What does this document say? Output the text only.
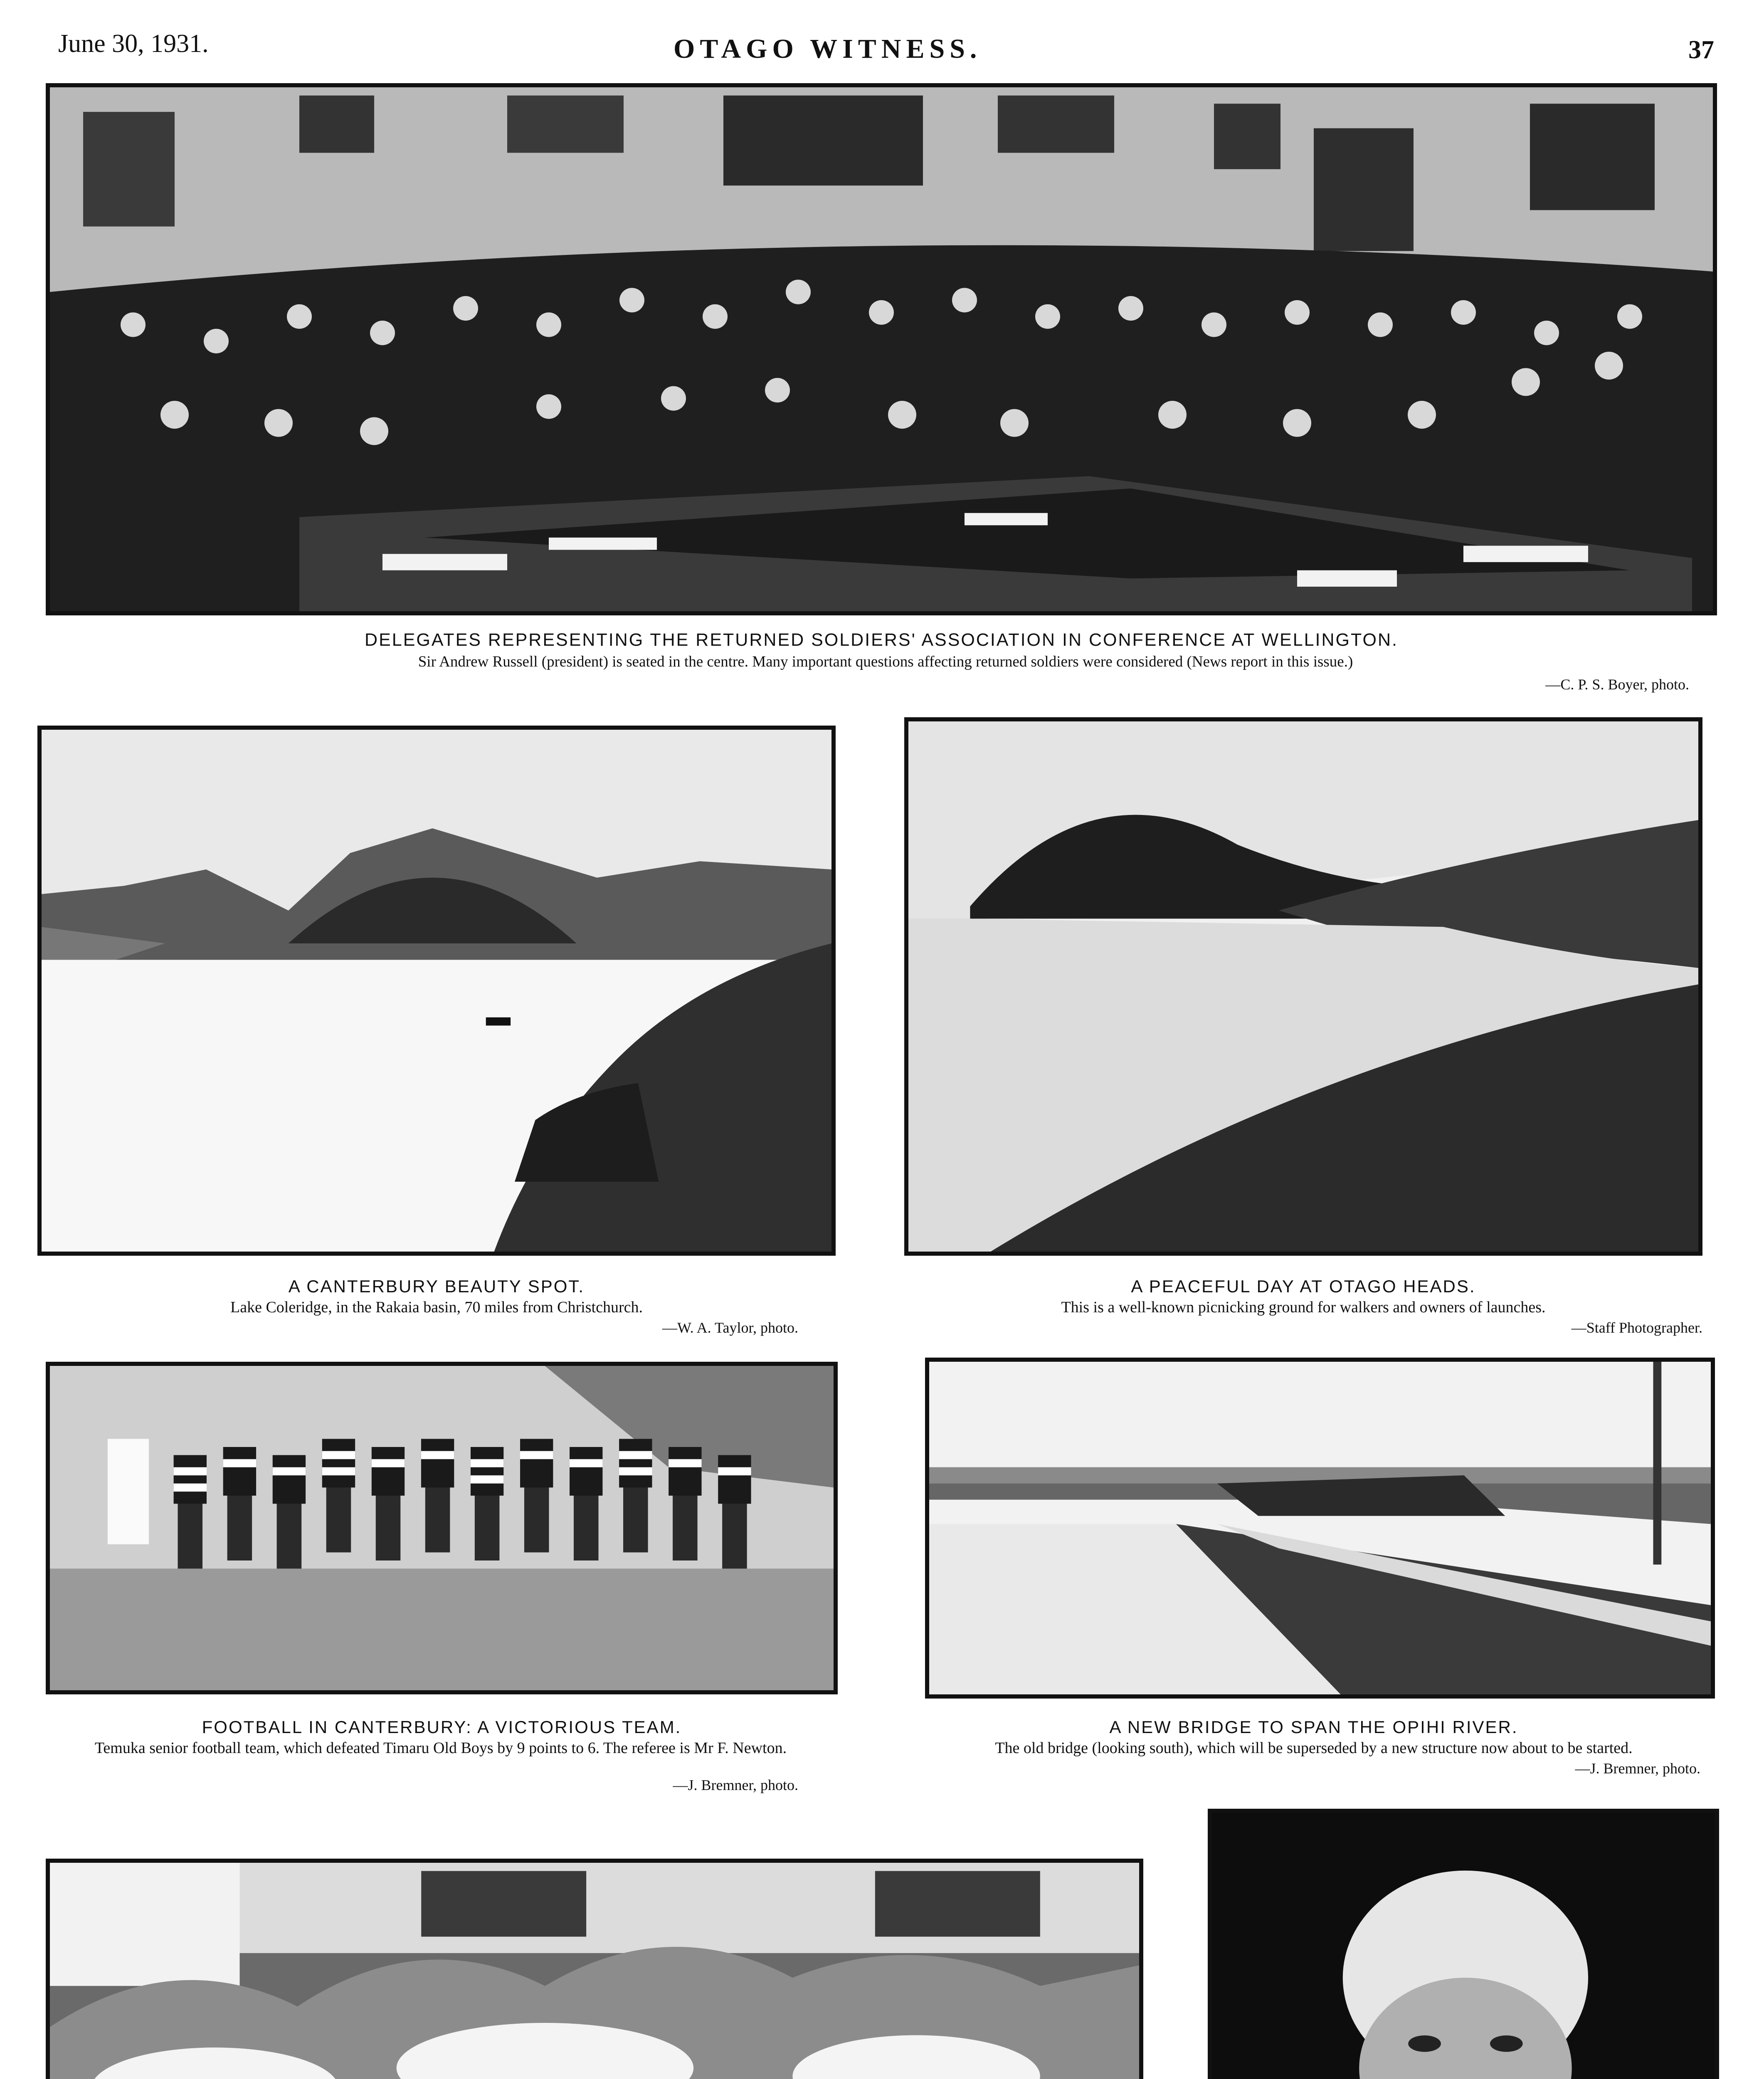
June 30, 1931.	OTAGO WITNESS.	37
DELEGATES REPRESENTING THE RETURNED SOLDIERS' ASSOCIATION IN CONFERENCE AT WELLINGTON.
Sir Andrew Russell (president) is seated in the centre. Many important questions affecting returned soldiers were considered (News report in this issue.)
—C. P. S. Boyer, photo.
A CANTERBURY BEAUTY SPOT.
Lake Coleridge, in the Rakaia basin, 70 miles from Christchurch.
—W. A. Taylor, photo.
A PEACEFUL DAY AT OTAGO HEADS.
This is a well-known picnicking ground for walkers and owners of launches.
—Staff Photographer.
FOOTBALL IN CANTERBURY: A VICTORIOUS TEAM.
Temuka senior football team, which defeated Timaru Old Boys by 9 points to 6. The referee is Mr F. Newton.
—J. Bremner, photo.
A NEW BRIDGE TO SPAN THE OPIHI RIVER.
The old bridge (looking south), which will be superseded by a new structure now about to be started.
—J. Bremner, photo.
